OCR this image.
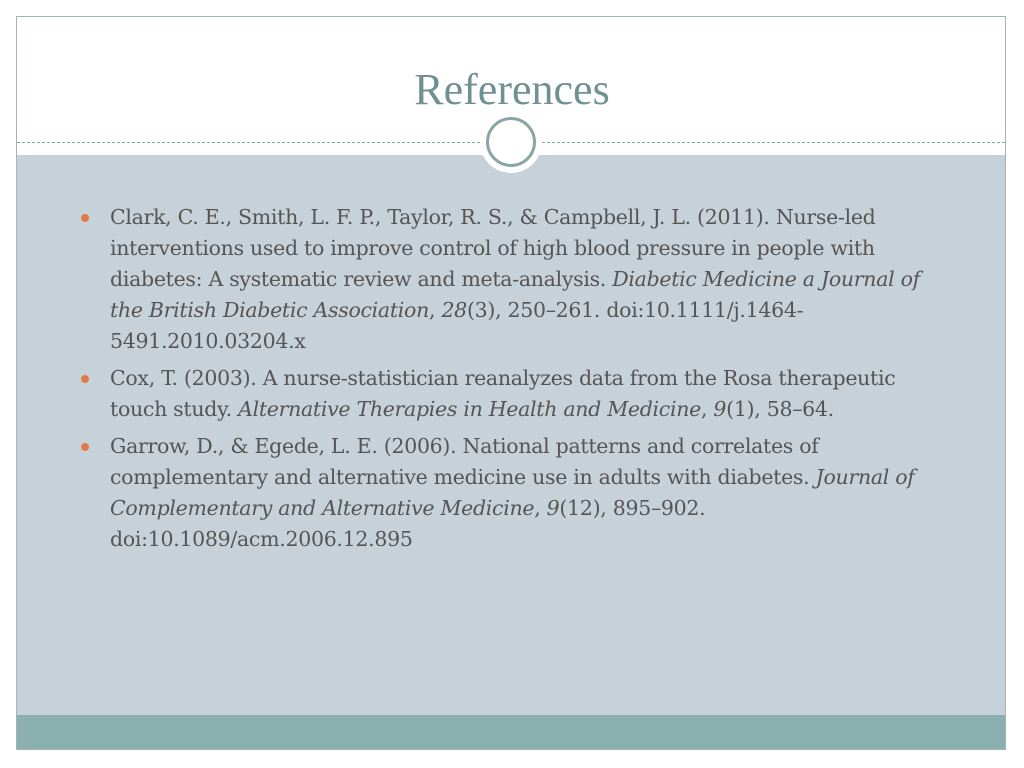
References
Clark, C. E., Smith, L. F. P., Taylor, R. S., & Campbell, J. L. (2011). Nurse-led interventions used to improve control of high blood pressure in people with diabetes: A systematic review and meta-analysis. Diabetic Medicine a Journal of the British Diabetic Association, 28(3), 250–261. doi:10.1111/j.1464-5491.2010.03204.x
Cox, T. (2003). A nurse-statistician reanalyzes data from the Rosa therapeutic touch study. Alternative Therapies in Health and Medicine, 9(1), 58–64.
Garrow, D., & Egede, L. E. (2006). National patterns and correlates of complementary and alternative medicine use in adults with diabetes. Journal of Complementary and Alternative Medicine, 9(12), 895–902. doi:10.1089/acm.2006.12.895
